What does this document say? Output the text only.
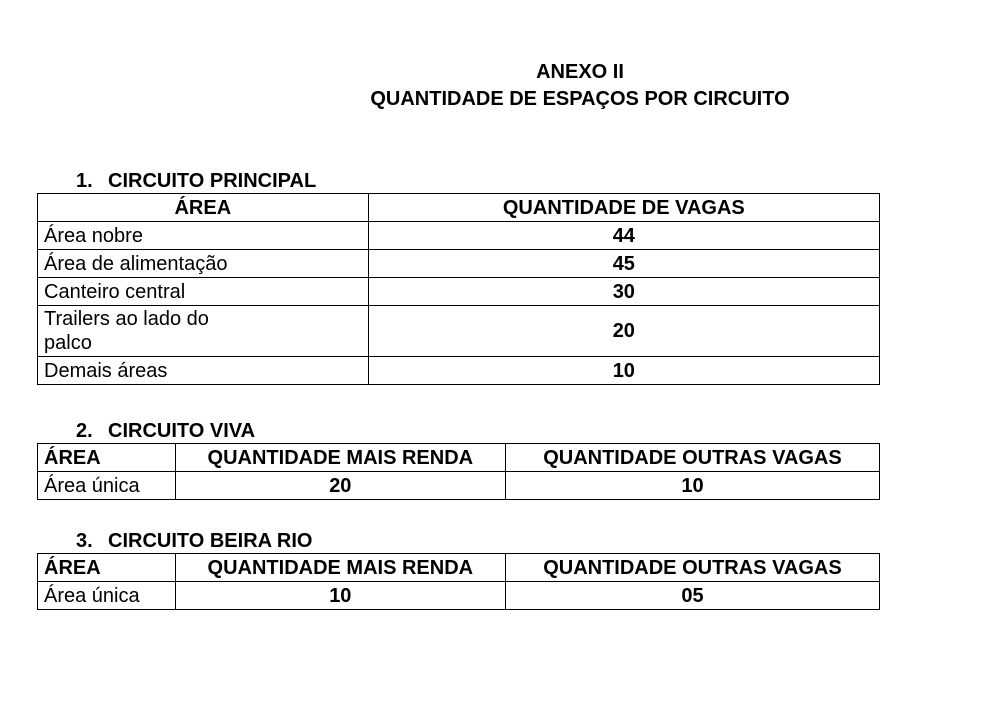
ANEXO II
QUANTIDADE DE ESPAÇOS POR CIRCUITO
1. CIRCUITO PRINCIPAL
ÁREA	QUANTIDADE DE VAGAS
Área nobre	44
Área de alimentação	45
Canteiro central	30
Trailers ao lado do
palco	20
Demais áreas	10
2. CIRCUITO VIVA
ÁREA	QUANTIDADE MAIS RENDA	QUANTIDADE OUTRAS VAGAS
Área única	20	10
3. CIRCUITO BEIRA RIO
ÁREA	QUANTIDADE MAIS RENDA	QUANTIDADE OUTRAS VAGAS
Área única	10	05
